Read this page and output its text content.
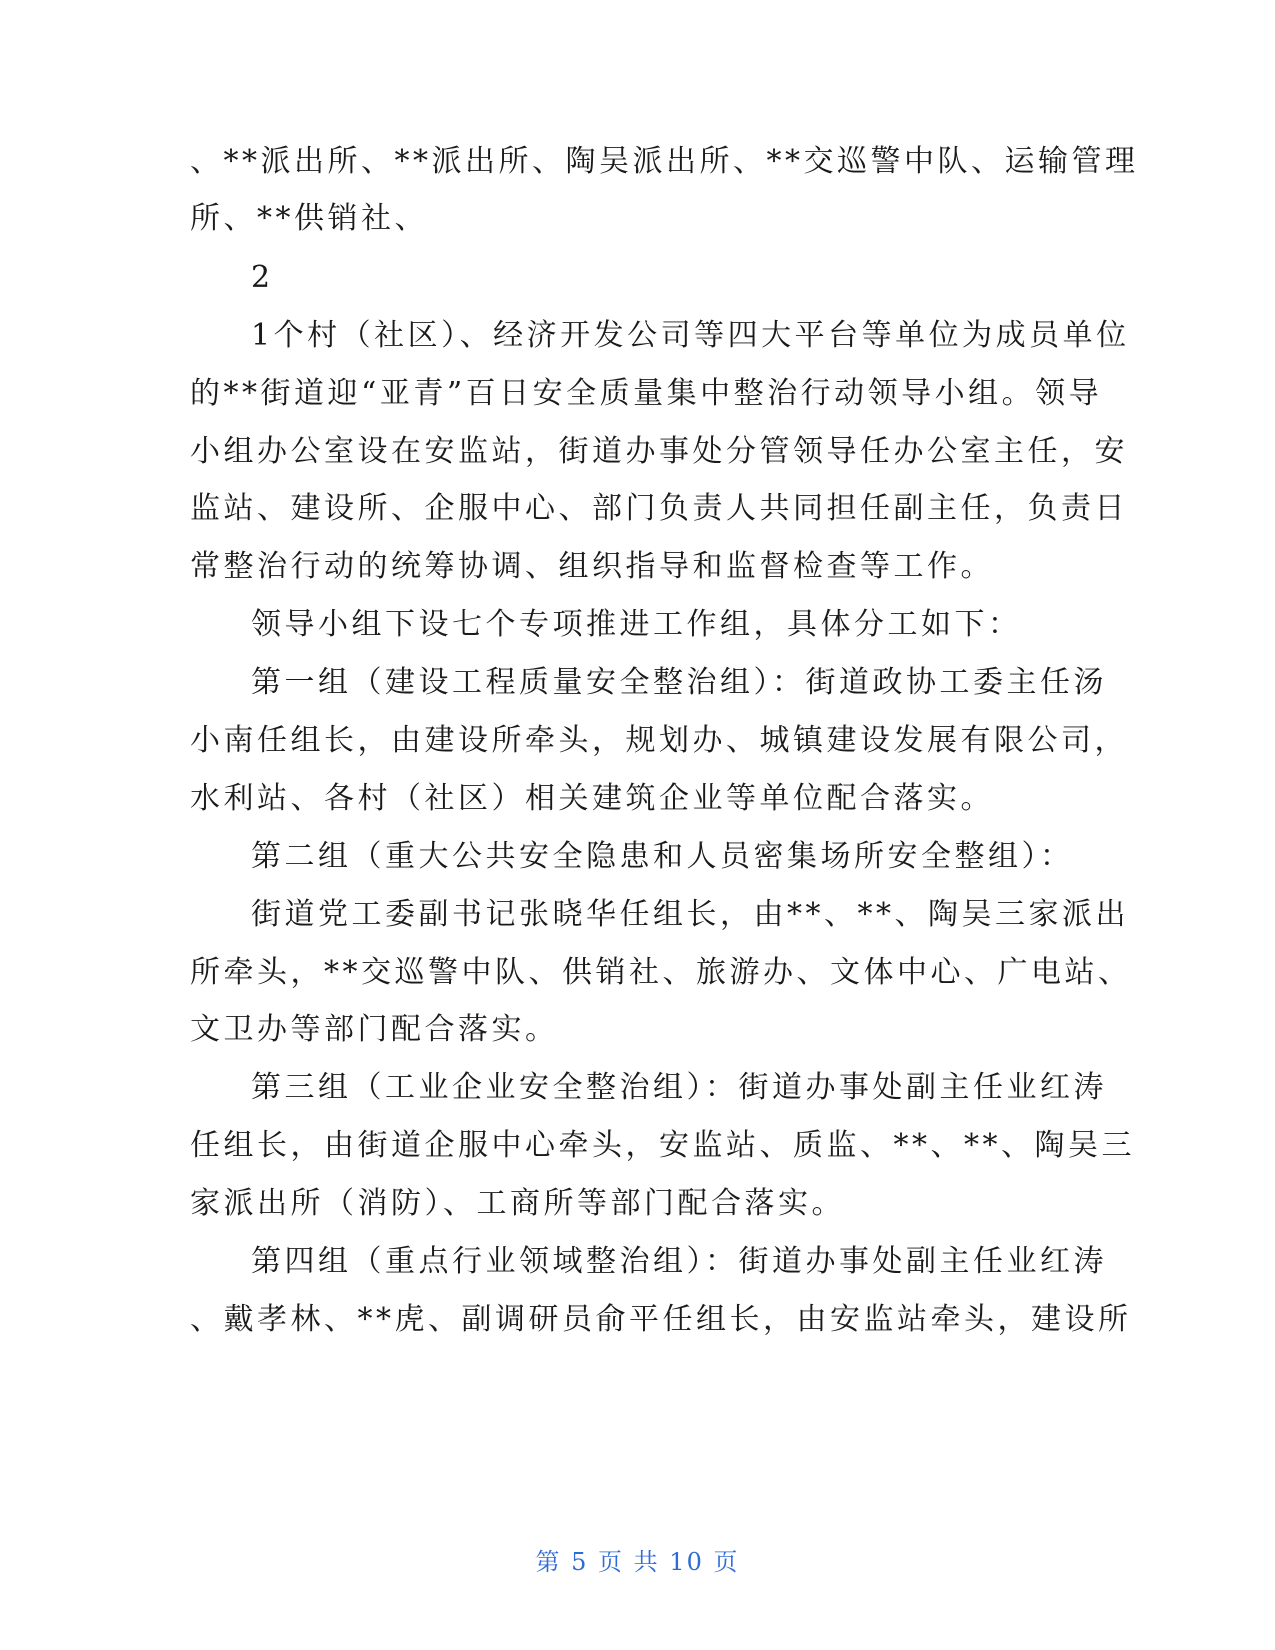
、**派出所、**派出所、陶吴派出所、**交巡警中队、运输管理
所、**供销社、
2
1个村（社区）、经济开发公司等四大平台等单位为成员单位
的**街道迎“亚青”百日安全质量集中整治行动领导小组。领导
小组办公室设在安监站，街道办事处分管领导任办公室主任，安
监站、建设所、企服中心、部门负责人共同担任副主任，负责日
常整治行动的统筹协调、组织指导和监督检查等工作。
领导小组下设七个专项推进工作组，具体分工如下：
第一组（建设工程质量安全整治组）：街道政协工委主任汤
小南任组长，由建设所牵头，规划办、城镇建设发展有限公司，
水利站、各村（社区）相关建筑企业等单位配合落实。
第二组（重大公共安全隐患和人员密集场所安全整组）：
街道党工委副书记张晓华任组长，由**、**、陶吴三家派出
所牵头，**交巡警中队、供销社、旅游办、文体中心、广电站、
文卫办等部门配合落实。
第三组（工业企业安全整治组）：街道办事处副主任业红涛
任组长，由街道企服中心牵头，安监站、质监、**、**、陶吴三
家派出所（消防）、工商所等部门配合落实。
第四组（重点行业领域整治组）：街道办事处副主任业红涛
、戴孝林、**虎、副调研员俞平任组长，由安监站牵头，建设所
第 5 页 共 10 页
